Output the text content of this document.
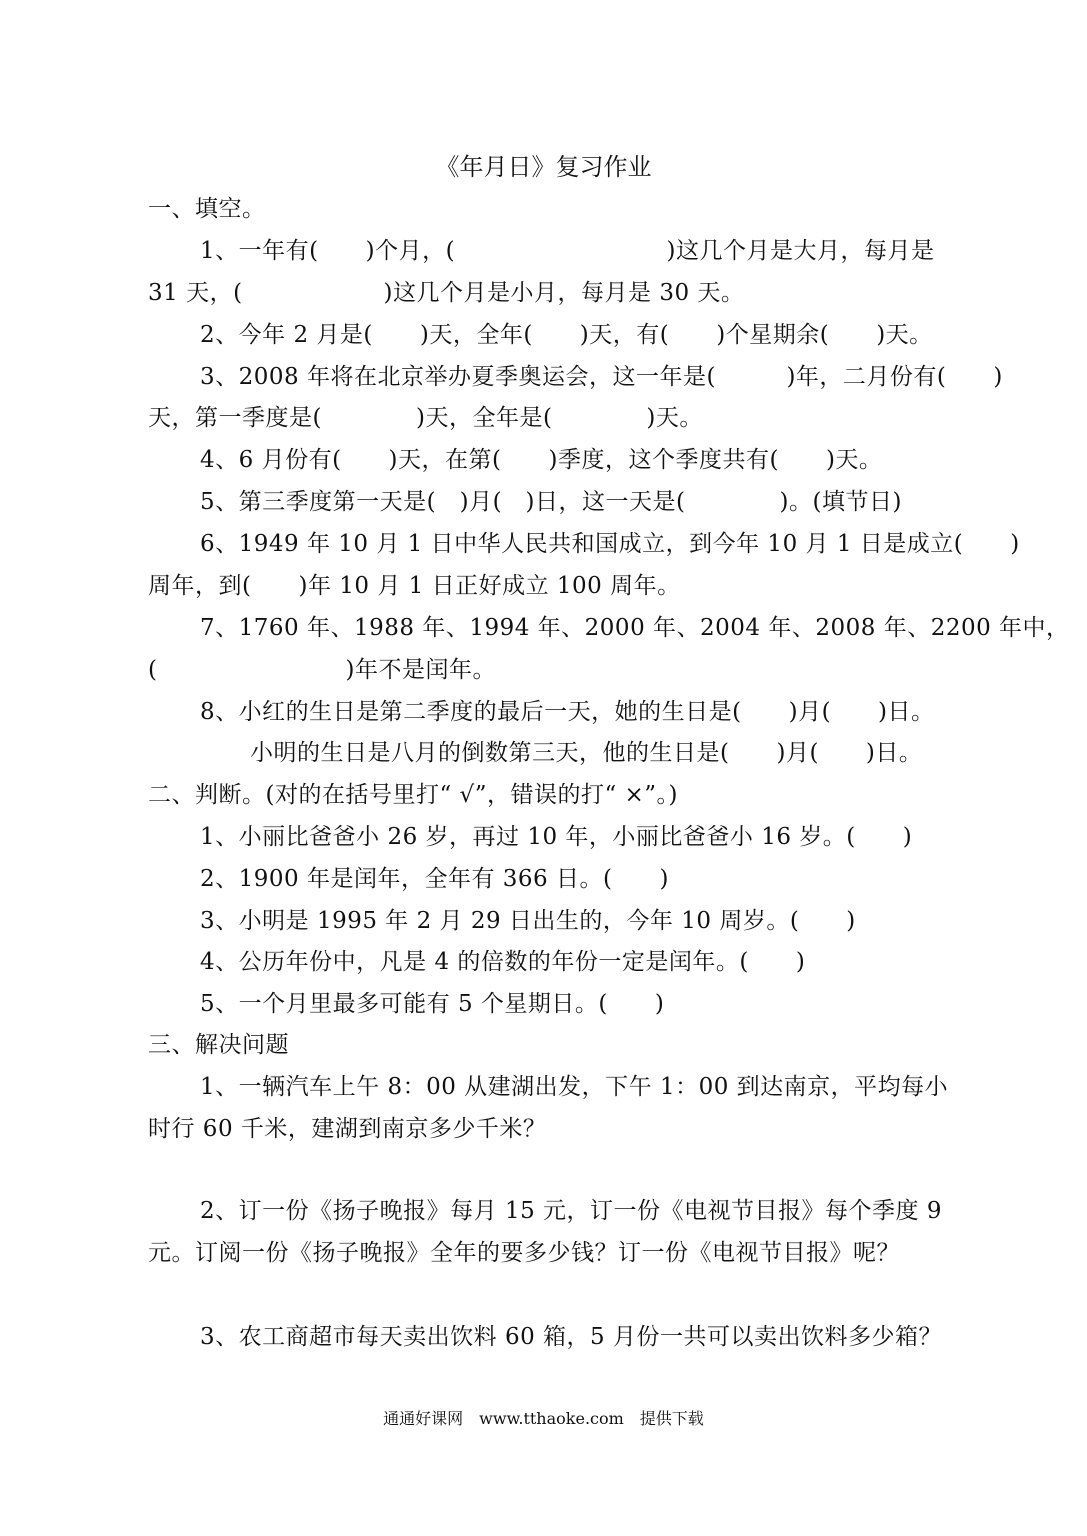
《年月日》复习作业
一、填空。
1、一年有(　　)个月，(　　　　　　　　　)这几个月是大月，每月是
31 天，(　　　　　　)这几个月是小月，每月是 30 天。
2、今年 2 月是(　　)天，全年(　　)天，有(　　)个星期余(　　)天。
3、2008 年将在北京举办夏季奥运会，这一年是(　　　)年，二月份有(　　)
天，第一季度是(　　　　)天，全年是(　　　　)天。
4、6 月份有(　　)天，在第(　　)季度，这个季度共有(　　)天。
5、第三季度第一天是(　)月(　)日，这一天是(　　　　)。(填节日)
6、1949 年 10 月 1 日中华人民共和国成立，到今年 10 月 1 日是成立(　　)
周年，到(　　)年 10 月 1 日正好成立 100 周年。
7、1760 年、1988 年、1994 年、2000 年、2004 年、2008 年、2200 年中，
(　　　　　　　　)年不是闰年。
8、小红的生日是第二季度的最后一天，她的生日是(　　)月(　　)日。
小明的生日是八月的倒数第三天，他的生日是(　　)月(　　)日。
二、判断。(对的在括号里打“ √”，错误的打“ ×”。)
1、小丽比爸爸小 26 岁，再过 10 年，小丽比爸爸小 16 岁。(　　)
2、1900 年是闰年，全年有 366 日。(　　)
3、小明是 1995 年 2 月 29 日出生的，今年 10 周岁。(　　)
4、公历年份中，凡是 4 的倍数的年份一定是闰年。(　　)
5、一个月里最多可能有 5 个星期日。(　　)
三、解决问题
1、一辆汽车上午 8：00 从建湖出发，下午 1：00 到达南京，平均每小
时行 60 千米，建湖到南京多少千米？
2、订一份《扬子晚报》每月 15 元，订一份《电视节目报》每个季度 9
元。订阅一份《扬子晚报》全年的要多少钱？订一份《电视节目报》呢？
3、农工商超市每天卖出饮料 60 箱，5 月份一共可以卖出饮料多少箱？
通通好课网　www.tthaoke.com　提供下载
